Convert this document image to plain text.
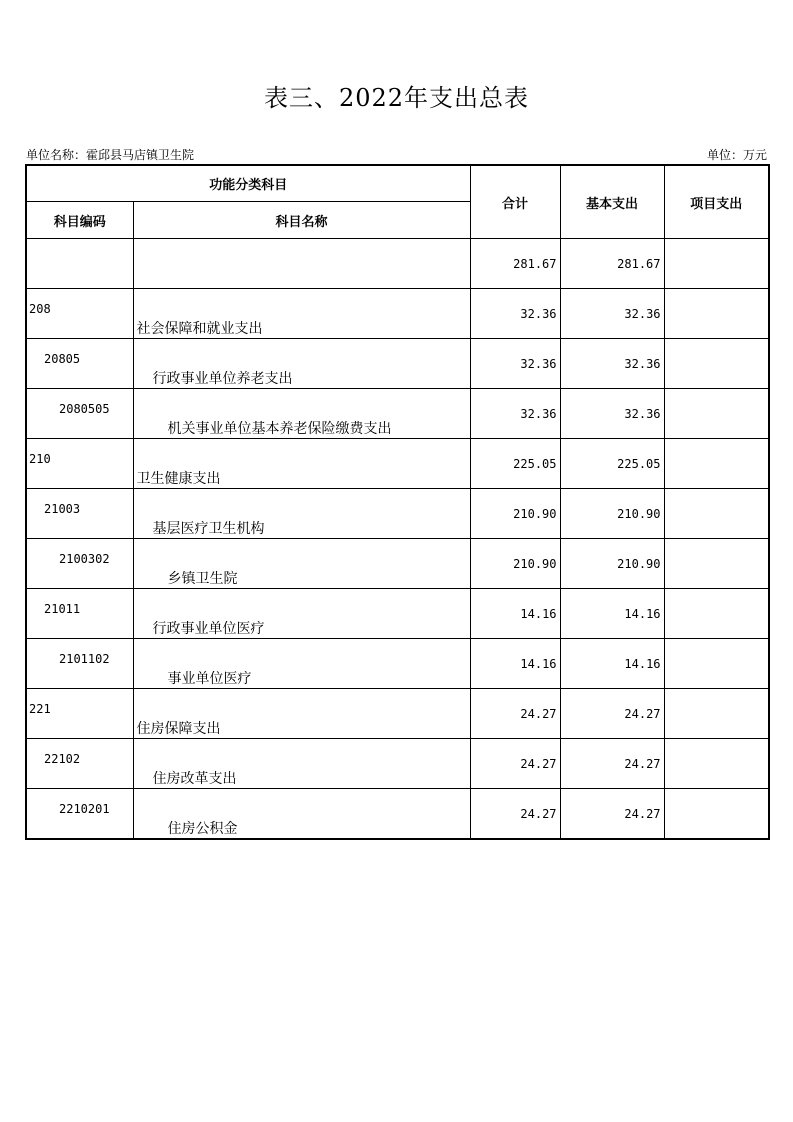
表三、2022年支出总表
单位名称：霍邱县马店镇卫生院	单位：万元
功能分类科目		合计	基本支出	项目支出
科目编码	科目名称			

	281.67	281.67	

208	社会保障和就业支出	32.36	32.36	

20805	行政事业单位养老支出	32.36	32.36	

2080505	机关事业单位基本养老保险缴费支出	32.36	32.36	

210	卫生健康支出	225.05	225.05	

21003	基层医疗卫生机构	210.90	210.90	

2100302	乡镇卫生院	210.90	210.90	

21011	行政事业单位医疗	14.16	14.16	

2101102	事业单位医疗	14.16	14.16	

221	住房保障支出	24.27	24.27	

22102	住房改革支出	24.27	24.27	

2210201	住房公积金	24.27	24.27	
